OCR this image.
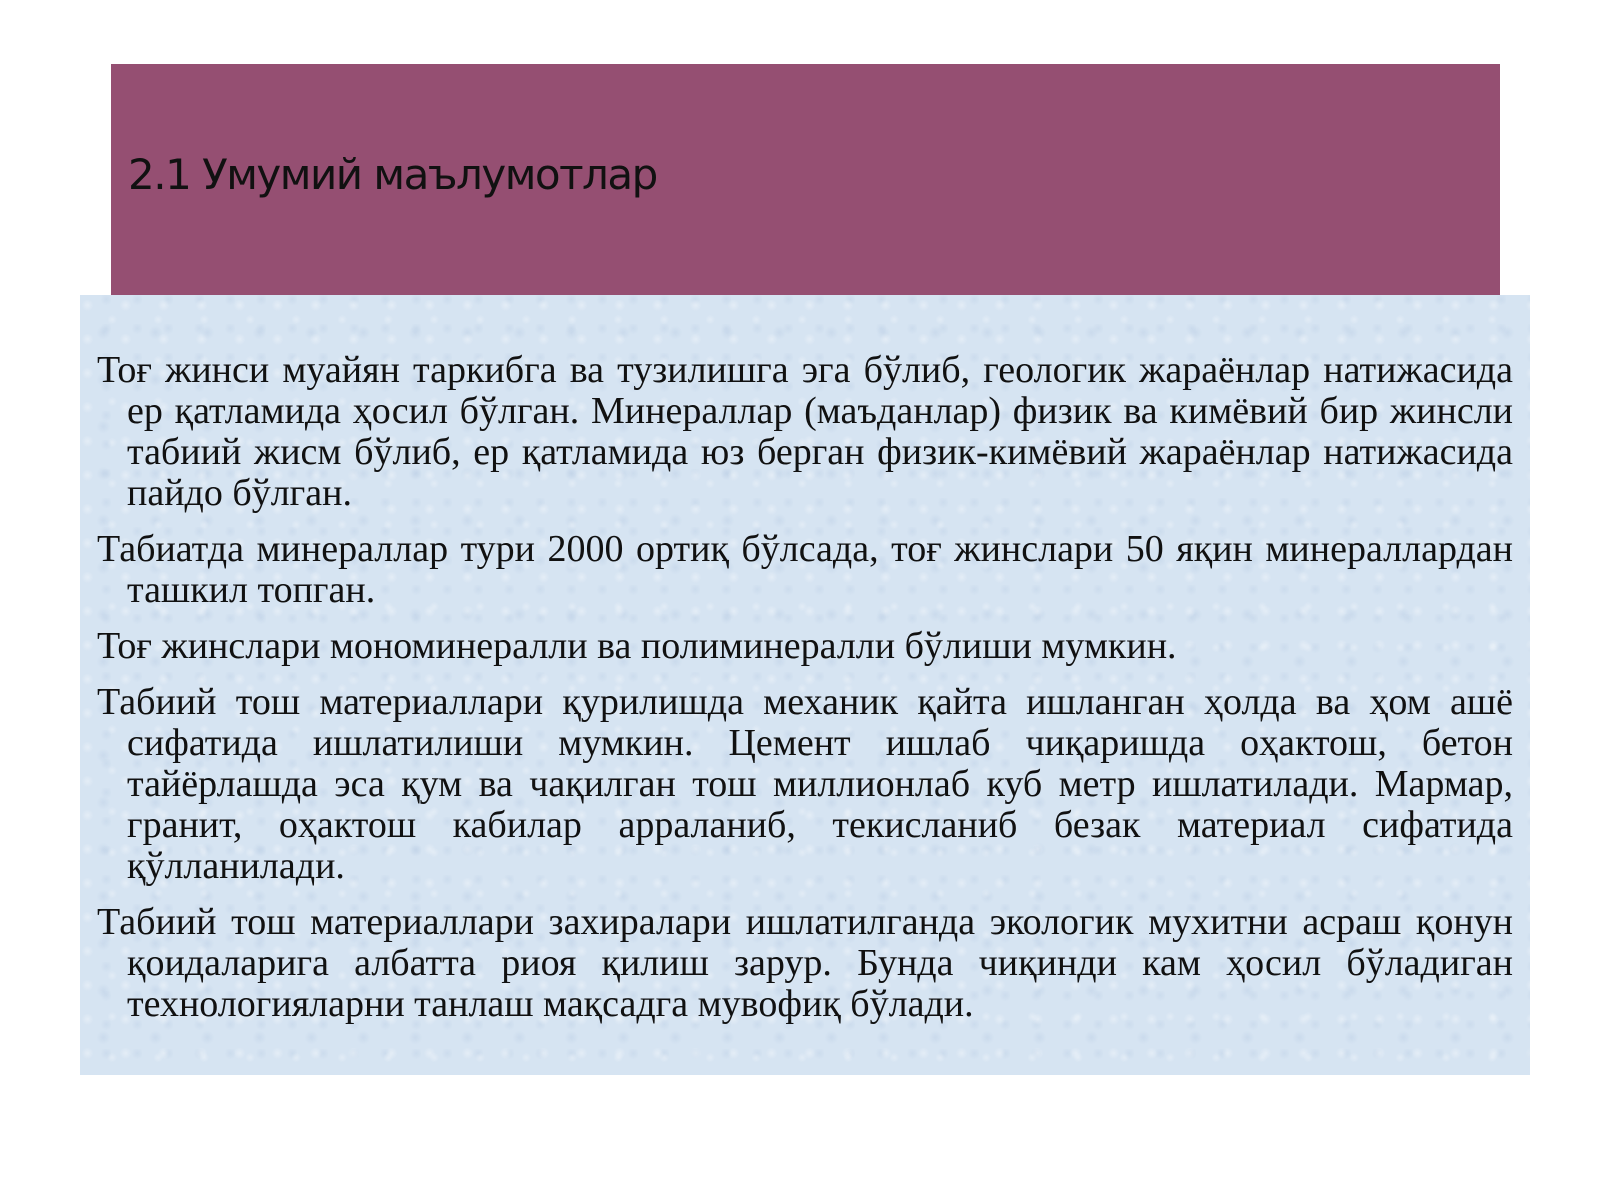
2.1 Умумий маълумотлар
Тоғ жинси муайян таркибга ва тузилишга эга бўлиб, геологик жараёнлар натижасида ер қатламида ҳосил бўлган. Минераллар (маъданлар) физик ва кимёвий бир жинсли табиий жисм бўлиб, ер қатламида юз берган физик-кимёвий жараёнлар натижасида пайдо бўлган.
Табиатда минераллар тури 2000 ортиқ бўлсада, тоғ жинслари 50 яқин минераллардан ташкил топган.
Тоғ жинслари мономинералли ва полиминералли бўлиши мумкин.
Табиий тош материаллари қурилишда механик қайта ишланган ҳолда ва ҳом ашё сифатида ишлатилиши мумкин. Цемент ишлаб чиқаришда оҳактош, бетон тайёрлашда эса қум ва чақилган тош миллионлаб куб метр ишлатилади. Мармар, гранит, оҳактош кабилар арраланиб, текисланиб безак материал сифатида қўлланилади.
Табиий тош материаллари захиралари ишлатилганда экологик мухитни асраш қонун қоидаларига албатта риоя қилиш зарур. Бунда чиқинди кам ҳосил бўладиган технологияларни танлаш мақсадга мувофиқ бўлади.
